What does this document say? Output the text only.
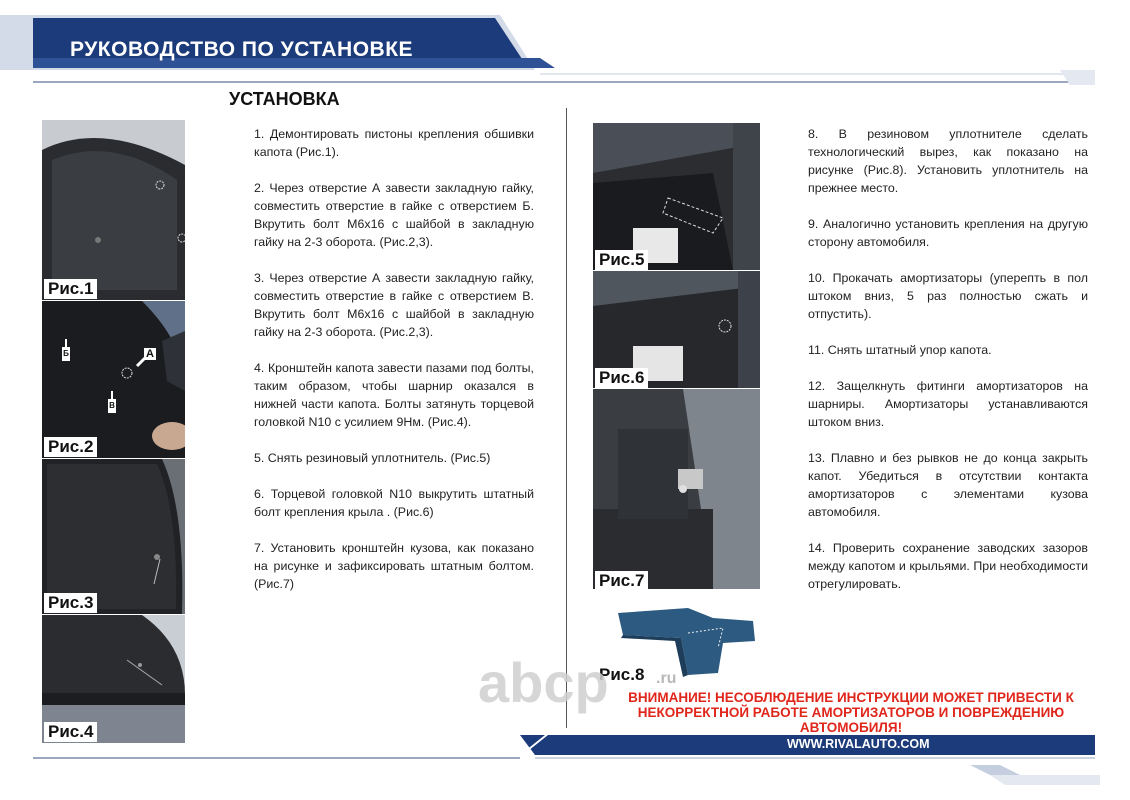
РУКОВОДСТВО ПО УСТАНОВКЕ
УСТАНОВКА
Рис.1
А
Б
В
Рис.2
Рис.3
Рис.4

1. Демонтировать пистоны крепления обшивки капота (Рис.1).

2. Через отверстие А завести закладную гайку, совместить отверстие в гайке с отверстием Б. Вкрутить болт М6х16 с шайбой в закладную гайку на 2-3 оборота. (Рис.2,3).

3. Через отверстие А завести закладную гайку, совместить отверстие в гайке с отверстием В. Вкрутить болт М6х16 с шайбой в закладную гайку на 2-3 оборота. (Рис.2,3).

4. Кронштейн капота завести пазами под болты, таким образом, чтобы шарнир оказался в нижней части капота. Болты затянуть торцевой головкой N10 с усилием 9Нм. (Рис.4).

5. Снять резиновый уплотнитель. (Рис.5)

6. Торцевой головкой N10 выкрутить штатный болт крепления крыла . (Рис.6)

7. Установить кронштейн кузова, как показано на рисунке и зафиксировать штатным болтом. (Рис.7)

Рис.5
Рис.6
Рис.7
Рис.8

8. В резиновом уплотнителе сделать технологический вырез, как показано на рисунке (Рис.8). Установить уплотнитель на прежнее место.

9. Аналогично установить крепления на другую сторону автомобиля.

10. Прокачать амортизаторы (уперепть в пол штоком вниз, 5 раз полностью сжать и отпустить).

11. Снять штатный упор капота.

12. Защелкнуть фитинги амортизаторов на шарниры. Амортизаторы устанавливаются штоком вниз.

13. Плавно и без рывков не до конца закрыть капот. Убедиться в отсутствии контакта амортизаторов с элементами кузова автомобиля.

14. Проверить сохранение заводских зазоров между капотом и крыльями. При необходимости отрегулировать.

abcp	.ru
ВНИМАНИЕ! НЕСОБЛЮДЕНИЕ ИНСТРУКЦИИ МОЖЕТ ПРИВЕСТИ К НЕКОРРЕКТНОЙ РАБОТЕ АМОРТИЗАТОРОВ И ПОВРЕЖДЕНИЮ АВТОМОБИЛЯ!
WWW.RIVALAUTO.COM
